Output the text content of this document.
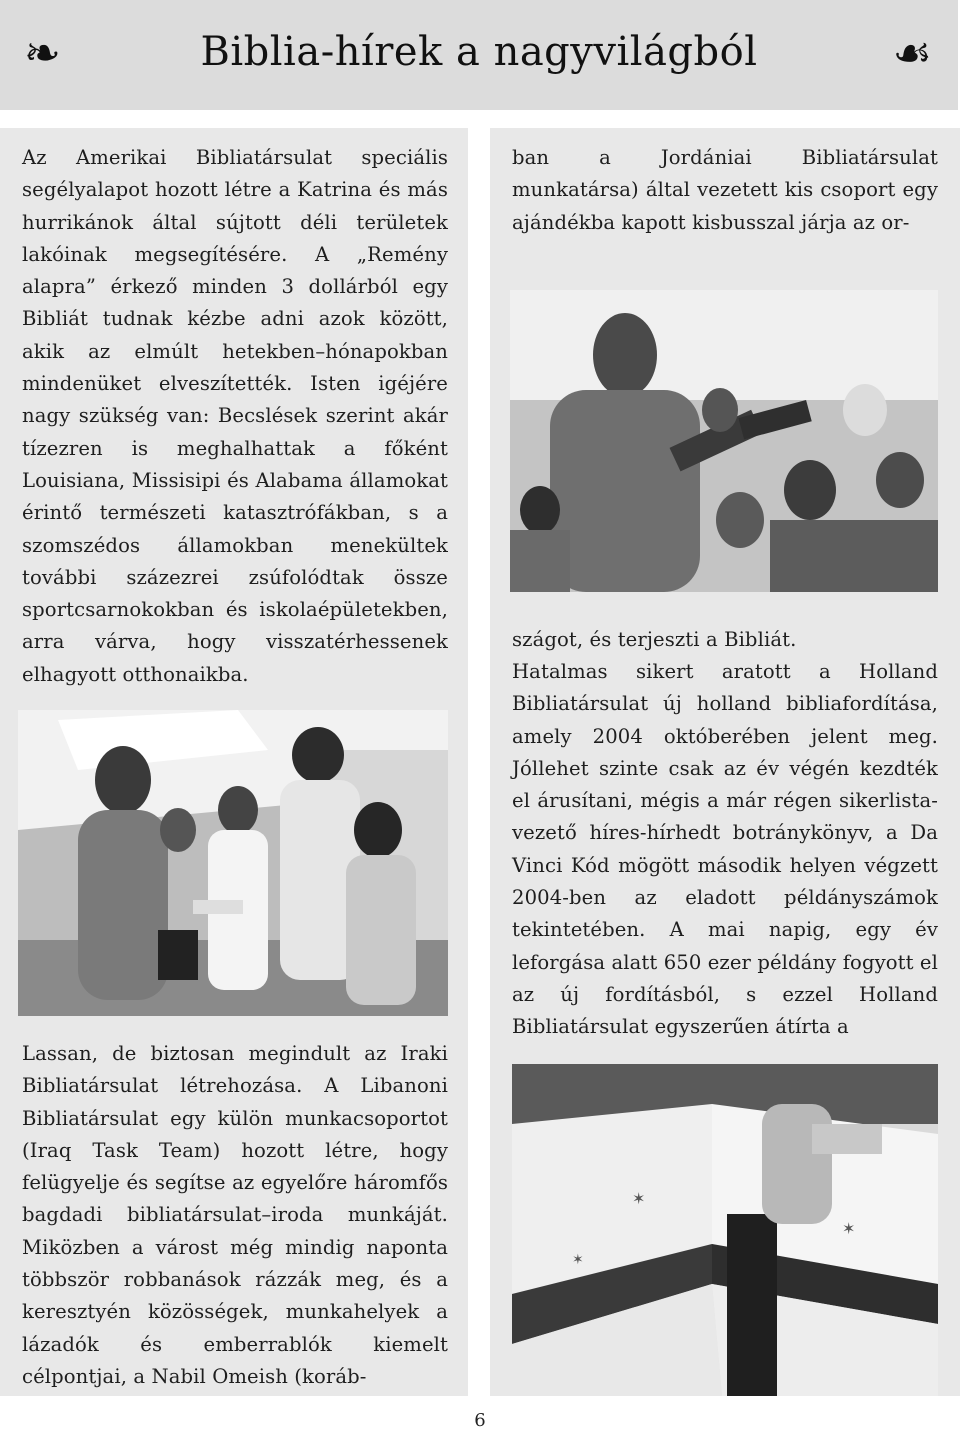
❧	Biblia-hírek a nagyvilágból	☙
Az Amerikai Bibliatársulat speciális segélyalapot hozott létre a Katrina és más hurrikánok által sújtott déli területek lakóinak megsegítésére. A „Remény alapra” érkező minden 3 dollárból egy Bibliát tudnak kézbe adni azok között, akik az elmúlt hetekben–hónapokban mindenüket elveszítették. Isten igéjére nagy szükség van: Becslések szerint akár tízezren is meghalhattak a főként Louisiana, Missisipi és Alabama államokat érintő természeti katasztrófákban, s a szomszédos államokban menekültek további százezrei zsúfolódtak össze sportcsarnokokban és iskolaépületekben, arra várva, hogy visszatérhessenek elhagyott otthonaikba.
Lassan, de biztosan megindult az Iraki Bibliatársulat létrehozása. A Libanoni Bibliatársulat egy külön munkacsoportot (Iraq Task Team) hozott létre, hogy felügyelje és segítse az egyelőre háromfős bagdadi bibliatársulat–iroda munkáját. Miközben a várost még mindig naponta többször robbanások rázzák meg, és a keresztyén közösségek, munkahelyek a lázadók és emberrablók kiemelt célpontjai, a Nabil Omeish (koráb-
ban a Jordániai Bibliatársulat munkatársa) által vezetett kis csoport egy ajándékba kapott kisbusszal járja az or-
szágot, és terjeszti a Bibliát.
Hatalmas sikert aratott a Holland Bibliatársulat új holland bibliafordítása, amely 2004 októberében jelent meg. Jóllehet szinte csak az év végén kezdték el árusítani, mégis a már régen sikerlista-vezető híres-hírhedt botránykönyv, a Da Vinci Kód mögött második helyen végzett 2004-ben az eladott példányszámok tekintetében. A mai napig, egy év leforgása alatt 650 ezer példány fogyott el az új fordításból, s ezzel Holland Bibliatársulat egyszerűen átírta a
✶
✶
✶
6
